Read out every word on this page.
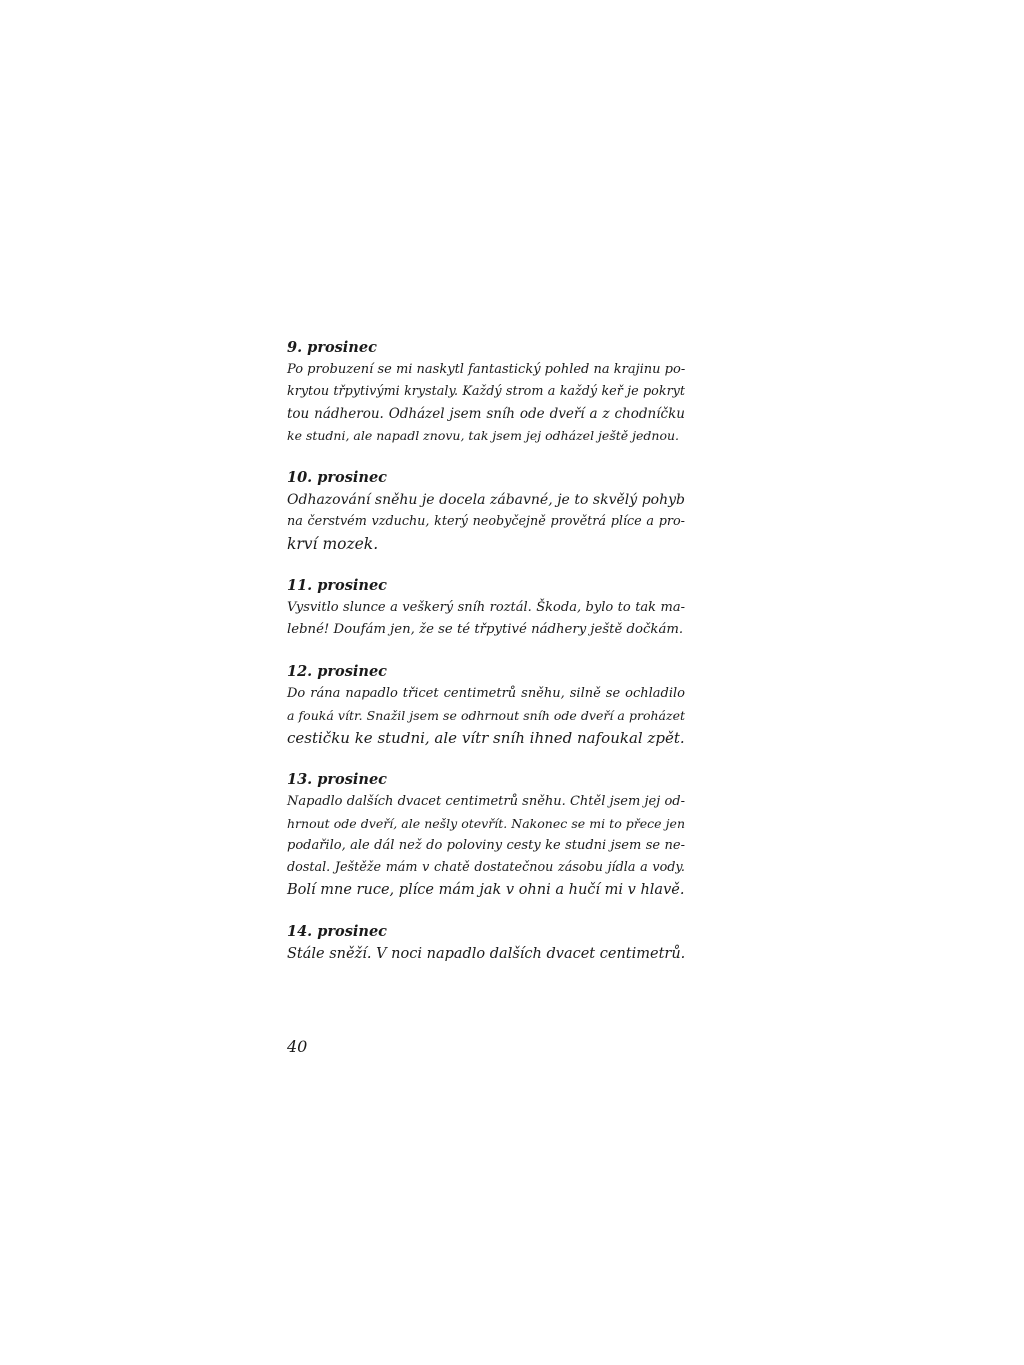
9. prosinec
Po probuzení se mi naskytl fantastický pohled na krajinu po-
krytou třpytivými krystaly. Každý strom a každý keř je pokryt
tou nádherou. Odházel jsem sníh ode dveří a z chodníčku
ke studni, ale napadl znovu, tak jsem jej odházel ještě jednou.
10. prosinec
Odhazování sněhu je docela zábavné, je to skvělý pohyb
na čerstvém vzduchu, který neobyčejně provětrá plíce a pro-
krví mozek.
11. prosinec
Vysvitlo slunce a veškerý sníh roztál. Škoda, bylo to tak ma-
lebné! Doufám jen, že se té třpytivé nádhery ještě dočkám.
12. prosinec
Do rána napadlo třicet centimetrů sněhu, silně se ochladilo
a fouká vítr. Snažil jsem se odhrnout sníh ode dveří a proházet
cestičku ke studni, ale vítr sníh ihned nafoukal zpět.
13. prosinec
Napadlo dalších dvacet centimetrů sněhu. Chtěl jsem jej od-
hrnout ode dveří, ale nešly otevřít. Nakonec se mi to přece jen
podařilo, ale dál než do poloviny cesty ke studni jsem se ne-
dostal. Ještěže mám v chatě dostatečnou zásobu jídla a vody.
Bolí mne ruce, plíce mám jak v ohni a hučí mi v hlavě.
14. prosinec
Stále sněží. V noci napadlo dalších dvacet centimetrů.
40
